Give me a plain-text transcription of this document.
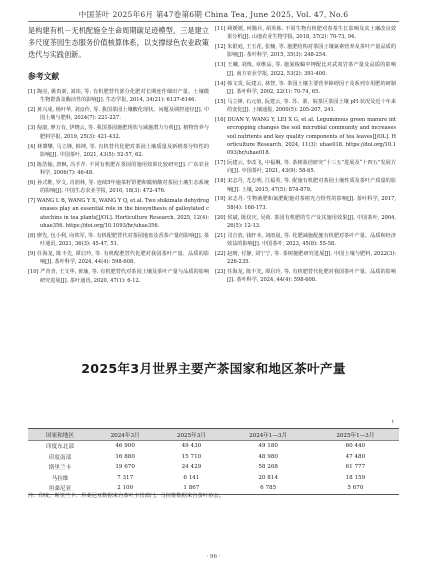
中国茶叶 2025年6月 第47卷第6期 China Tea, June 2025, Vol. 47, No.6

是构建有机－无机配施全生命周期碳足迹模型，三是建立多尺度茶园生态服务价值核算体系，以支撑绿色农业政策迭代与实践创新。

参考文献
[1] 陶亮, 姚贵新, 刘玮, 等. 有机肥替代部分化肥对长期连作烟田产量、土壤微生物群落及酶活性的影响[J]. 生态学报, 2014, 34(21): 6137-6146.
[2] 黄兴成, 杨叶华, 刘彦伶, 等. 我国茶园土壤酸化现状、问题及调控途径[J]. 中国土壤与肥料, 2024(7): 221-227.
[3] 倪康, 廖万有, 伊晓云, 等. 我国茶园施肥现状与减施潜力分析[J]. 植物营养与肥料学报, 2019, 25(3): 421-432.
[4] 林肇攀, 马立锋, 韩坤, 等. 有机替代化肥对茶园土壤质量及新梢茶分特性的影响[J]. 中国茶叶, 2021, 43(5): 52-57, 62.
[5] 陈浩翰, 唐枫, 冯手芹. 不同有机肥在茶园的施用效果比较研究[J]. 广东农业科学, 2006(7): 46-48.
[6] 孙式维, 罗文, 肖润林, 等. 连续5年施菜籽饼肥和腐殖酸对茶园土壤生态系统的影响[J]. 中国生态农业学报, 2010, 18(3): 472-476.
[7] WANG L B, WANG Y X, WANG Y Q, et al. Two shikimate dehydrogenases play an essential role in the biosynthesis of galloylated catechins in tea plants[J/OL]. Horticulture Research, 2025, 12(4): uhae356. https://doi.org/10.1093/hr/uhae356.
[8] 廖先, 包小利, 向铁军, 等. 有机配肥替代对茶园地盘及香茶产量的影响[J]. 茶叶通讯, 2021, 36(3): 45-47, 51.
[9] 任海龙, 陈丰先, 谭启玲, 等. 有机配肥替代化肥对我国茶叶产量、品质的影响[J]. 茶叶科学, 2024, 44(4): 598-608.
[10] 严青青, 王文华, 黄瑜, 等. 有机肥替代对茶园土壤及茶叶产量与品质的影响研究进展[J]. 茶叶通讯, 2020, 47(1): 6-12.
[11] 顾媛媛, 何腾兵, 胡英栋. 不同生物有机肥对春茶生长影响及其土壤改良效果分析[J]. 山地农业生物学报, 2018, 37(2): 70-73, 94.
[12] 朱银庭, 王玉花, 张楠, 等. 施肥结构对茶园土壤氮素营养及茶叶产量品质的影响[J]. 茶叶科学, 2015, 35(3): 248-254.
[13] 王曦, 刘炼, 章维品, 等. 施氮梳稿中钾配比对武夷岩茶产量及品质的影响[J]. 南方农业学报, 2022, 53(2): 391-400.
[14] 韩文炎, 阮建云, 林智, 等. 茶园土壤主要营养障碍因子及系列专用肥的研制[J]. 茶叶科学, 2002, 22(1): 70-74, 65.
[15] 马立锋, 石元值, 阮建云, 等. 苏、浙、皖茶区茶园土壤 pH 状况及近十年来的变化[J]. 土壤通报, 2000(5): 205-207, 241.
[16] DUAN Y, WANG Y, LEI X G, et al. Leguminous green manure intercropping changes the soil microbial community and increases soil nutrients and key quality components of tea leaves[J/OL]. Horticulture Research, 2024, 11(3): uhae018. https://doi.org/10.1093/hr/uhae018.
[17] 阮建云, 李改飞, 中福琳, 等. 茶树栽培研究“十三五”进展及“十四五”发展方向[J]. 中国茶叶, 2021, 43(9): 58-65.
[18] 宋志丹, 尤志明, 江福英, 等. 配施有机肥对茶园土壤性质及茶叶产质量的影响[J]. 土壤, 2015, 47(5): 874-879.
[19] 宋志丹. 生物菌肥和氮肥配施对茶树光合特性的影响[J]. 茶叶科学, 2017, 58(4): 168-173.
[20] 侯斌, 陈仅庆, 吴荷. 茶园有机肥的生产及其施用效果[J]. 中国茶叶, 2004, 26(5): 12-13.
[21] 司吉放, 钱轩本, 刘雨晨, 等. 化肥减施配施有机肥对茶叶产量、品质和经济效益的影响[J]. 中国茶叶, 2023, 45(8): 55-58.
[22] 赵晴, 付静, 刘宁宁, 等. 茶树施肥研究进展[J]. 中国土壤与肥料, 2022(3): 226-235.
[23] 任海龙, 陈丰先, 谭启玲, 等. 有机肥替代化肥对我国茶叶产量、品质的影响[J]. 茶叶科学, 2024, 44(4): 598-608.
2025年3月世界主要产茶国家和地区茶叶产量
t
国家和地区	2024年3月	2025年3月	2024年1—3月	2025年1—3月
印度东北部	46 900	49 430	49 180	60 440
印度南部	16 880	15 710	48 980	47 480
斯里兰卡	19 670	24 429	58 268	61 777
马拉维	7 317	6 141	20 814	18 159
坦桑尼亚	2 100	1 867	6 785	5 670
注：印度、斯里兰卡、坦桑尼亚数据来自茶叶主管部门，马拉维数据来自茶叶协会。
· 96 ·
